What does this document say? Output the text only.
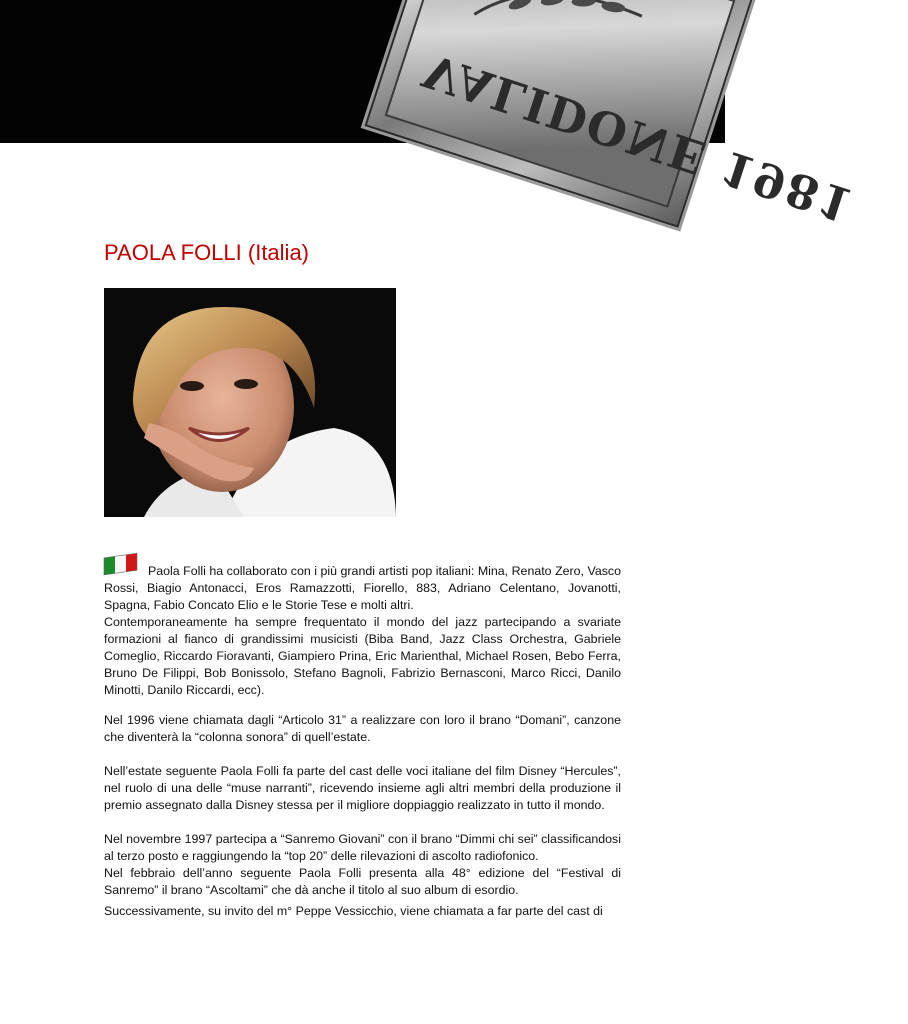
VALIDONE 1981
PAOLA FOLLI (Italia)
Paola Folli ha collaborato con i più grandi artisti pop italiani: Mina, Renato Zero, Vasco Rossi, Biagio Antonacci, Eros Ramazzotti, Fiorello, 883, Adriano Celentano, Jovanotti, Spagna, Fabio Concato Elio e le Storie Tese e molti altri.

Contemporaneamente ha sempre frequentato il mondo del jazz partecipando a svariate formazioni al fianco di grandissimi musicisti (Biba Band, Jazz Class Orchestra, Gabriele Comeglio, Riccardo Fioravanti, Giampiero Prina, Eric Marienthal, Michael Rosen, Bebo Ferra, Bruno De Filippi, Bob Bonissolo, Stefano Bagnoli, Fabrizio Bernasconi, Marco Ricci, Danilo Minotti, Danilo Riccardi, ecc).

Nel 1996 viene chiamata dagli “Articolo 31” a realizzare con loro il brano “Domani”, canzone che diventerà la “colonna sonora” di quell’estate.

Nell’estate seguente Paola Folli fa parte del cast delle voci italiane del film Disney “Hercules”, nel ruolo di una delle “muse narranti”, ricevendo insieme agli altri membri della produzione il premio assegnato dalla Disney stessa per il migliore doppiaggio realizzato in tutto il mondo.

Nel novembre 1997 partecipa a “Sanremo Giovani” con il brano “Dimmi chi sei” classificandosi al terzo posto e raggiungendo la “top 20” delle rilevazioni di ascolto radiofonico.
Nel febbraio dell’anno seguente Paola Folli presenta alla 48° edizione del “Festival di Sanremo” il brano “Ascoltami” che dà anche il titolo al suo album di esordio.

Successivamente, su invito del m° Peppe Vessicchio, viene chiamata a far parte del cast di
